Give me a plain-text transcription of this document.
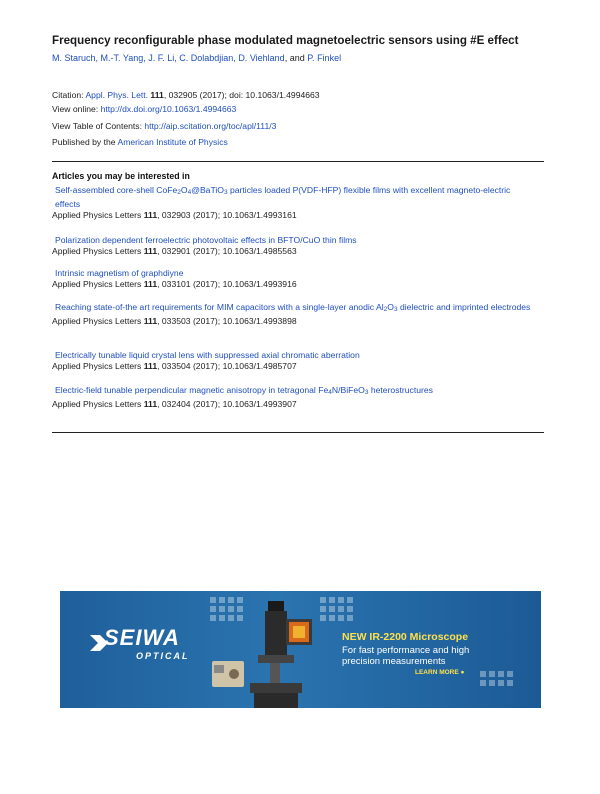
Frequency reconfigurable phase modulated magnetoelectric sensors using #E effect
M. Staruch, M.-T. Yang, J. F. Li, C. Dolabdjian, D. Viehland, and P. Finkel
Citation: Appl. Phys. Lett. 111, 032905 (2017); doi: 10.1063/1.4994663
View online: http://dx.doi.org/10.1063/1.4994663
View Table of Contents: http://aip.scitation.org/toc/apl/111/3
Published by the American Institute of Physics
Articles you may be interested in
Self-assembled core-shell $CoFe_2O_4@BaTiO_3$ particles loaded P(VDF-HFP) flexible films with excellent magneto-electric effects
Applied Physics Letters 111, 032903 (2017); 10.1063/1.4993161
Polarization dependent ferroelectric photovoltaic effects in BFTO/CuO thin films
Applied Physics Letters 111, 032901 (2017); 10.1063/1.4985563
Intrinsic magnetism of graphdiyne
Applied Physics Letters 111, 033101 (2017); 10.1063/1.4993916
Reaching state-of-the art requirements for MIM capacitors with a single-layer anodic $Al_2O_3$ dielectric and imprinted electrodes
Applied Physics Letters 111, 033503 (2017); 10.1063/1.4993898
Electrically tunable liquid crystal lens with suppressed axial chromatic aberration
Applied Physics Letters 111, 033504 (2017); 10.1063/1.4985707
Electric-field tunable perpendicular magnetic anisotropy in tetragonal $Fe_4N/BiFeO_3$ heterostructures
Applied Physics Letters 111, 032404 (2017); 10.1063/1.4993907
SEIWA
OPTICAL
NEW IR-2200 Microscope
For fast performance and high precision measurements
LEARN MORE ●
